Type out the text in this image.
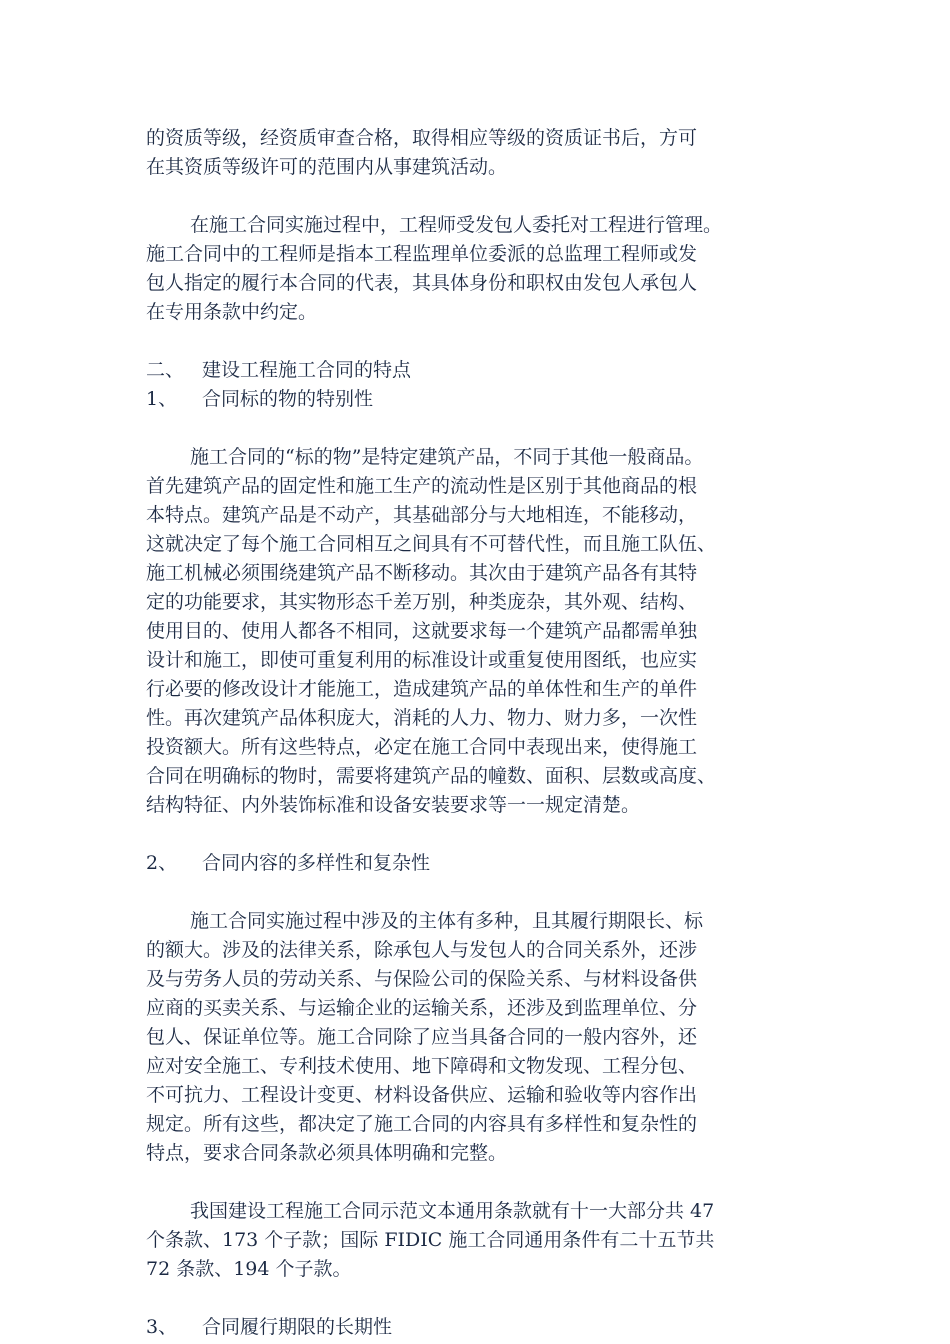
的资质等级，经资质审查合格，取得相应等级的资质证书后，方可
在其资质等级许可的范围内从事建筑活动。
在施工合同实施过程中，工程师受发包人委托对工程进行管理。
施工合同中的工程师是指本工程监理单位委派的总监理工程师或发
包人指定的履行本合同的代表，其具体身份和职权由发包人承包人
在专用条款中约定。
二、 建设工程施工合同的特点
1、 合同标的物的特别性
施工合同的“标的物”是特定建筑产品，不同于其他一般商品。
首先建筑产品的固定性和施工生产的流动性是区别于其他商品的根
本特点。建筑产品是不动产，其基础部分与大地相连，不能移动，
这就决定了每个施工合同相互之间具有不可替代性，而且施工队伍、
施工机械必须围绕建筑产品不断移动。其次由于建筑产品各有其特
定的功能要求，其实物形态千差万别，种类庞杂，其外观、结构、
使用目的、使用人都各不相同，这就要求每一个建筑产品都需单独
设计和施工，即使可重复利用的标准设计或重复使用图纸，也应实
行必要的修改设计才能施工，造成建筑产品的单体性和生产的单件
性。再次建筑产品体积庞大，消耗的人力、物力、财力多，一次性
投资额大。所有这些特点，必定在施工合同中表现出来，使得施工
合同在明确标的物时，需要将建筑产品的幢数、面积、层数或高度、
结构特征、内外装饰标准和设备安装要求等一一规定清楚。
2、 合同内容的多样性和复杂性
施工合同实施过程中涉及的主体有多种，且其履行期限长、标
的额大。涉及的法律关系，除承包人与发包人的合同关系外，还涉
及与劳务人员的劳动关系、与保险公司的保险关系、与材料设备供
应商的买卖关系、与运输企业的运输关系，还涉及到监理单位、分
包人、保证单位等。施工合同除了应当具备合同的一般内容外，还
应对安全施工、专利技术使用、地下障碍和文物发现、工程分包、
不可抗力、工程设计变更、材料设备供应、运输和验收等内容作出
规定。所有这些，都决定了施工合同的内容具有多样性和复杂性的
特点，要求合同条款必须具体明确和完整。
我国建设工程施工合同示范文本通用条款就有十一大部分共 47
个条款、173 个子款；国际 FIDIC 施工合同通用条件有二十五节共
72 条款、194 个子款。
3、 合同履行期限的长期性
